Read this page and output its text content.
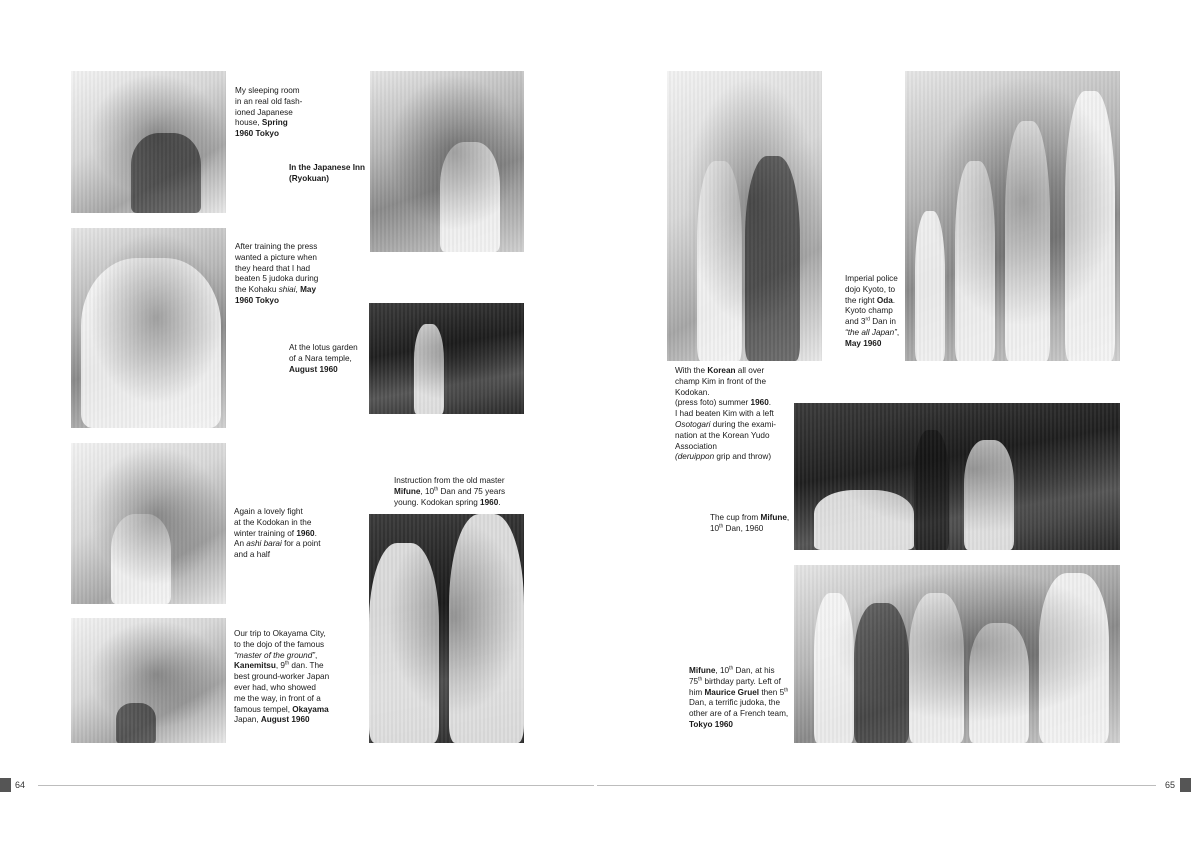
My sleeping room
in an real old fash-
ioned Japanese
house, Spring
1960 Tokyo
In the Japanese Inn
(Ryokuan)
After training the press
wanted a picture when
they heard that I had
beaten 5 judoka during
the Kohaku shiai, May
1960 Tokyo
At the lotus garden
of a Nara temple,
August 1960
Again a lovely fight
at the Kodokan in the
winter training of 1960.
An ashi barai for a point
and a half
Instruction from the old master
Mifune, 10th Dan and 75 years
young. Kodokan spring 1960.
Our trip to Okayama City,
to the dojo of the famous
“master of the ground”,
Kanemitsu, 9th dan. The
best ground-worker Japan
ever had, who showed
me the way, in front of a
famous tempel, Okayama
Japan, August 1960
Imperial police
dojo Kyoto, to
the right Oda.
Kyoto champ
and 3rd Dan in
“the all Japan”,
May 1960
With the Korean all over
champ Kim in front of the
Kodokan.
(press foto) summer 1960.
I had beaten Kim with a left
Osotogari during the exami-
nation at the Korean Yudo
Association
(deruippon grip and throw)
The cup from Mifune,
10th Dan, 1960
Mifune, 10th Dan, at his
75th birthday party. Left of
him Maurice Gruel then 5th
Dan, a terrific judoka, the
other are of a French team,
Tokyo 1960
64	65
